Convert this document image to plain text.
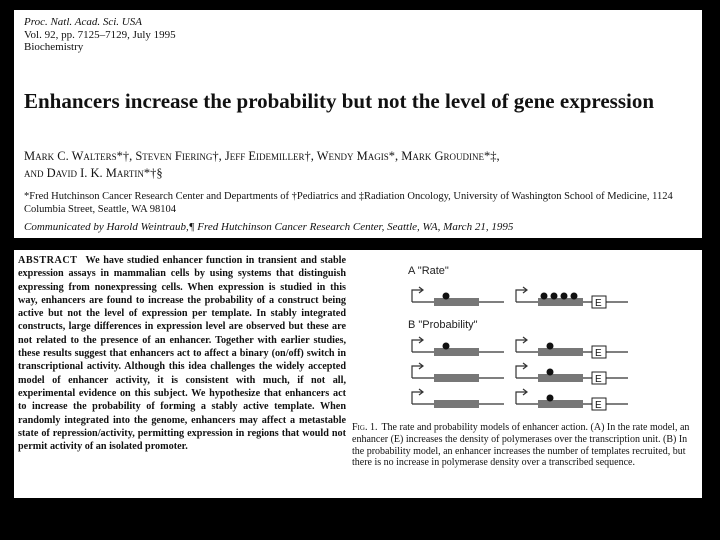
Proc. Natl. Acad. Sci. USA
Vol. 92, pp. 7125–7129, July 1995
Biochemistry
Enhancers increase the probability but not the level of gene expression
Mark C. Walters*†, Steven Fiering†, Jeff Eidemiller†, Wendy Magis*, Mark Groudine*‡,
and David I. K. Martin*†§
*Fred Hutchinson Cancer Research Center and Departments of †Pediatrics and ‡Radiation Oncology, University of Washington School of Medicine, 1124 Columbia Street, Seattle, WA 98104
Communicated by Harold Weintraub,¶ Fred Hutchinson Cancer Research Center, Seattle, WA, March 21, 1995
ABSTRACT We have studied enhancer function in transient and stable expression assays in mammalian cells by using systems that distinguish expressing from nonexpressing cells. When expression is studied in this way, enhancers are found to increase the probability of a construct being active but not the level of expression per template. In stably integrated constructs, large differences in expression level are observed but these are not related to the presence of an enhancer. Together with earlier studies, these results suggest that enhancers act to affect a binary (on/off) switch in transcriptional activity. Although this idea challenges the widely accepted model of enhancer activity, it is consistent with much, if not all, experimental evidence on this subject. We hypothesize that enhancers act to increase the probability of forming a stably active template. When randomly integrated into the genome, enhancers may affect a metastable state of repression/activity, permitting expression in regions that would not permit activity of an isolated promoter.
A "Rate"
B "Probability"
E
E
E
E
Fig. 1. The rate and probability models of enhancer action. (A) In the rate model, an enhancer (E) increases the density of polymerases over the transcription unit. (B) In the probability model, an enhancer increases the number of templates recruited, but there is no increase in polymerase density over a transcribed sequence.
